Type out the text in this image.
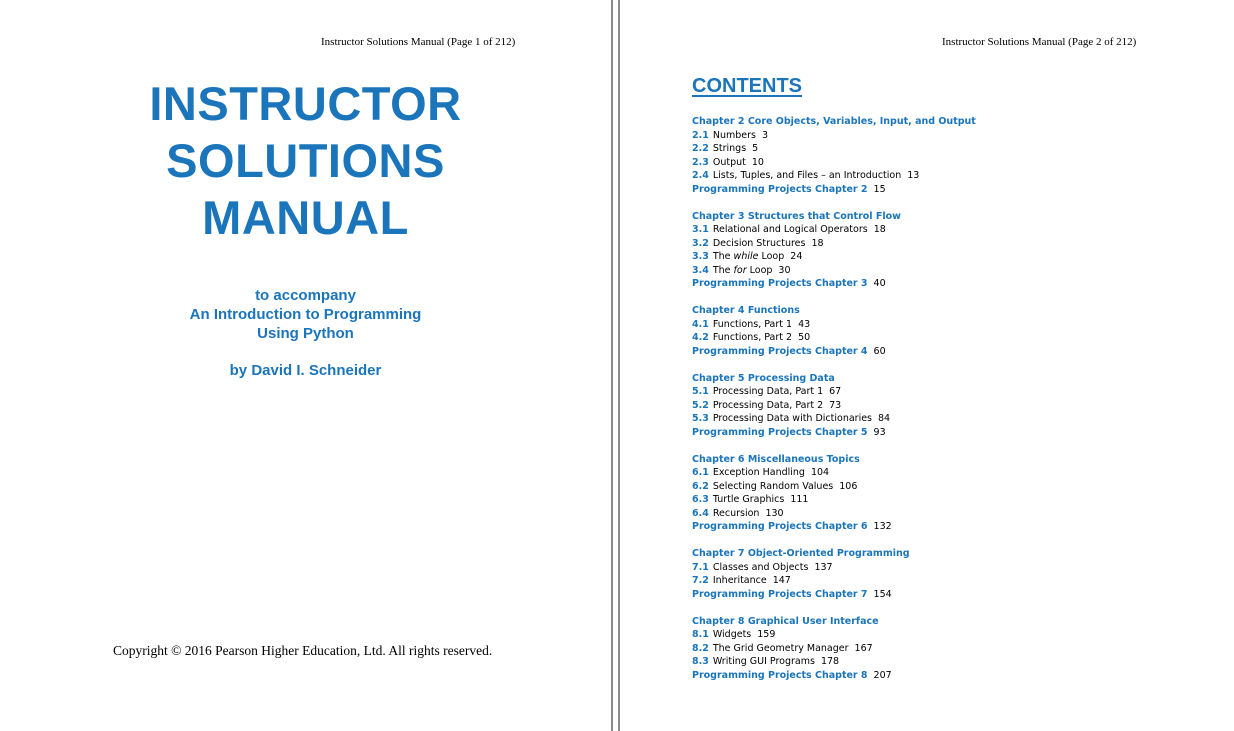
Instructor Solutions Manual (Page 1 of 212)
INSTRUCTOR
SOLUTIONS
MANUAL
to accompany
An Introduction to Programming
Using Python
by David I. Schneider
Copyright © 2016 Pearson Higher Education, Ltd. All rights reserved.
Instructor Solutions Manual (Page 2 of 212)
CONTENTS
Chapter 2 Core Objects, Variables, Input, and Output
2.1 Numbers 3
2.2 Strings 5
2.3 Output 10
2.4 Lists, Tuples, and Files – an Introduction 13
Programming Projects Chapter 2 15
Chapter 3 Structures that Control Flow
3.1 Relational and Logical Operators 18
3.2 Decision Structures 18
3.3 The while Loop 24
3.4 The for Loop 30
Programming Projects Chapter 3 40
Chapter 4 Functions
4.1 Functions, Part 1 43
4.2 Functions, Part 2 50
Programming Projects Chapter 4 60
Chapter 5 Processing Data
5.1 Processing Data, Part 1 67
5.2 Processing Data, Part 2 73
5.3 Processing Data with Dictionaries 84
Programming Projects Chapter 5 93
Chapter 6 Miscellaneous Topics
6.1 Exception Handling 104
6.2 Selecting Random Values 106
6.3 Turtle Graphics 111
6.4 Recursion 130
Programming Projects Chapter 6 132
Chapter 7 Object-Oriented Programming
7.1 Classes and Objects 137
7.2 Inheritance 147
Programming Projects Chapter 7 154
Chapter 8 Graphical User Interface
8.1 Widgets 159
8.2 The Grid Geometry Manager 167
8.3 Writing GUI Programs 178
Programming Projects Chapter 8 207
